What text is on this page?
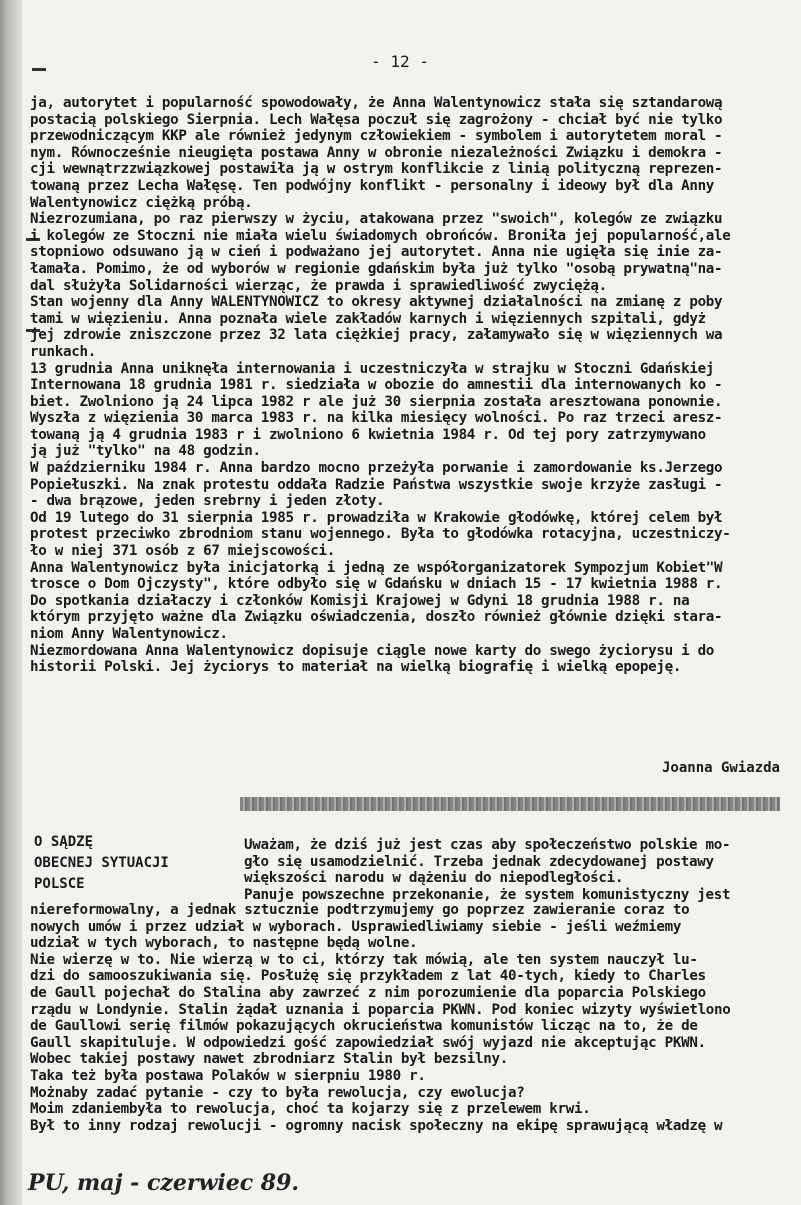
- 12 -

ja, autorytet i popularność spowodowały, że Anna Walentynowicz stała się sztandarową

postacią polskiego Sierpnia. Lech Wałęsa poczuł się zagrożony - chciał być nie tylko

przewodniczącym KKP ale również jedynym człowiekiem - symbolem i autorytetem moral -

nym. Równocześnie nieugięta postawa Anny w obronie niezależności Związku i demokra -

cji wewnątrzzwiązkowej postawiła ją w ostrym konflikcie z linią polityczną reprezen-

towaną przez Lecha Wałęsę. Ten podwójny konflikt - personalny i ideowy był dla Anny

Walentynowicz ciężką próbą.

Niezrozumiana, po raz pierwszy w życiu, atakowana przez "swoich", kolegów ze związku

i kolegów ze Stoczni nie miała wielu świadomych obrońców. Broniła jej popularność,ale

stopniowo odsuwano ją w cień i podważano jej autorytet. Anna nie ugięła się inie za-

łamała. Pomimo, że od wyborów w regionie gdańskim była już tylko "osobą prywatną"na-

dal służyła Solidarności wierząc, że prawda i sprawiedliwość zwyciężą.

Stan wojenny dla Anny WALENTYNOWICZ to okresy aktywnej działalności na zmianę z poby

tami w więzieniu. Anna poznała wiele zakładów karnych i więziennych szpitali, gdyż

jej zdrowie zniszczone przez 32 lata ciężkiej pracy, załamywało się w więziennych wa

runkach.

13 grudnia Anna uniknęła internowania i uczestniczyła w strajku w Stoczni Gdańskiej

Internowana 18 grudnia 1981 r. siedziała w obozie do amnestii dla internowanych ko -

biet. Zwolniono ją 24 lipca 1982 r ale już 30 sierpnia została aresztowana ponownie.

Wyszła z więzienia 30 marca 1983 r. na kilka miesięcy wolności. Po raz trzeci aresz-

towaną ją 4 grudnia 1983 r i zwolniono 6 kwietnia 1984 r. Od tej pory zatrzymywano

ją już "tylko" na 48 godzin.

W październiku 1984 r. Anna bardzo mocno przeżyła porwanie i zamordowanie ks.Jerzego

Popiełuszki. Na znak protestu oddała Radzie Państwa wszystkie swoje krzyże zasługi -

- dwa brązowe, jeden srebrny i jeden złoty.

Od 19 lutego do 31 sierpnia 1985 r. prowadziła w Krakowie głodówkę, której celem był

protest przeciwko zbrodniom stanu wojennego. Była to głodówka rotacyjna, uczestniczy-

ło w niej 371 osób z 67 miejscowości.

Anna Walentynowicz była inicjatorką i jedną ze współorganizatorek Sympozjum Kobiet"W

trosce o Dom Ojczysty", które odbyło się w Gdańsku w dniach 15 - 17 kwietnia 1988 r.

Do spotkania działaczy i członków Komisji Krajowej w Gdyni 18 grudnia 1988 r. na

którym przyjęto ważne dla Związku oświadczenia, doszło również głównie dzięki stara-

niom Anny Walentynowicz.

Niezmordowana Anna Walentynowicz dopisuje ciągle nowe karty do swego życiorysu i do

historii Polski. Jej życiorys to materiał na wielką biografię i wielką epopeję.

Joanna Gwiazda
O SĄDZĘ
OBECNEJ SYTUACJI
POLSCE

Uważam, że dziś już jest czas aby społeczeństwo polskie mo-

gło się usamodzielnić. Trzeba jednak zdecydowanej postawy

większości narodu w dążeniu do niepodległości.

Panuje powszechne przekonanie, że system komunistyczny jest

niereformowalny, a jednak sztucznie podtrzymujemy go poprzez zawieranie coraz to

nowych umów i przez udział w wyborach. Usprawiedliwiamy siebie - jeśli weźmiemy

udział w tych wyborach, to następne będą wolne.

Nie wierzę w to. Nie wierzą w to ci, którzy tak mówią, ale ten system nauczył lu-

dzi do samooszukiwania się. Posłużę się przykładem z lat 40-tych, kiedy to Charles

de Gaull pojechał do Stalina aby zawrzeć z nim porozumienie dla poparcia Polskiego

rządu w Londynie. Stalin żądał uznania i poparcia PKWN. Pod koniec wizyty wyświetlono

de Gaullowi serię filmów pokazujących okrucieństwa komunistów licząc na to, że de

Gaull skapituluje. W odpowiedzi gość zapowiedział swój wyjazd nie akceptując PKWN.

Wobec takiej postawy nawet zbrodniarz Stalin był bezsilny.

Taka też była postawa Polaków w sierpniu 1980 r.

Możnaby zadać pytanie - czy to była rewolucja, czy ewolucja?

Moim zdaniembyła to rewolucja, choć ta kojarzy się z przelewem krwi.

Był to inny rodzaj rewolucji - ogromny nacisk społeczny na ekipę sprawującą władzę w

PU, maj - czerwiec 89.
